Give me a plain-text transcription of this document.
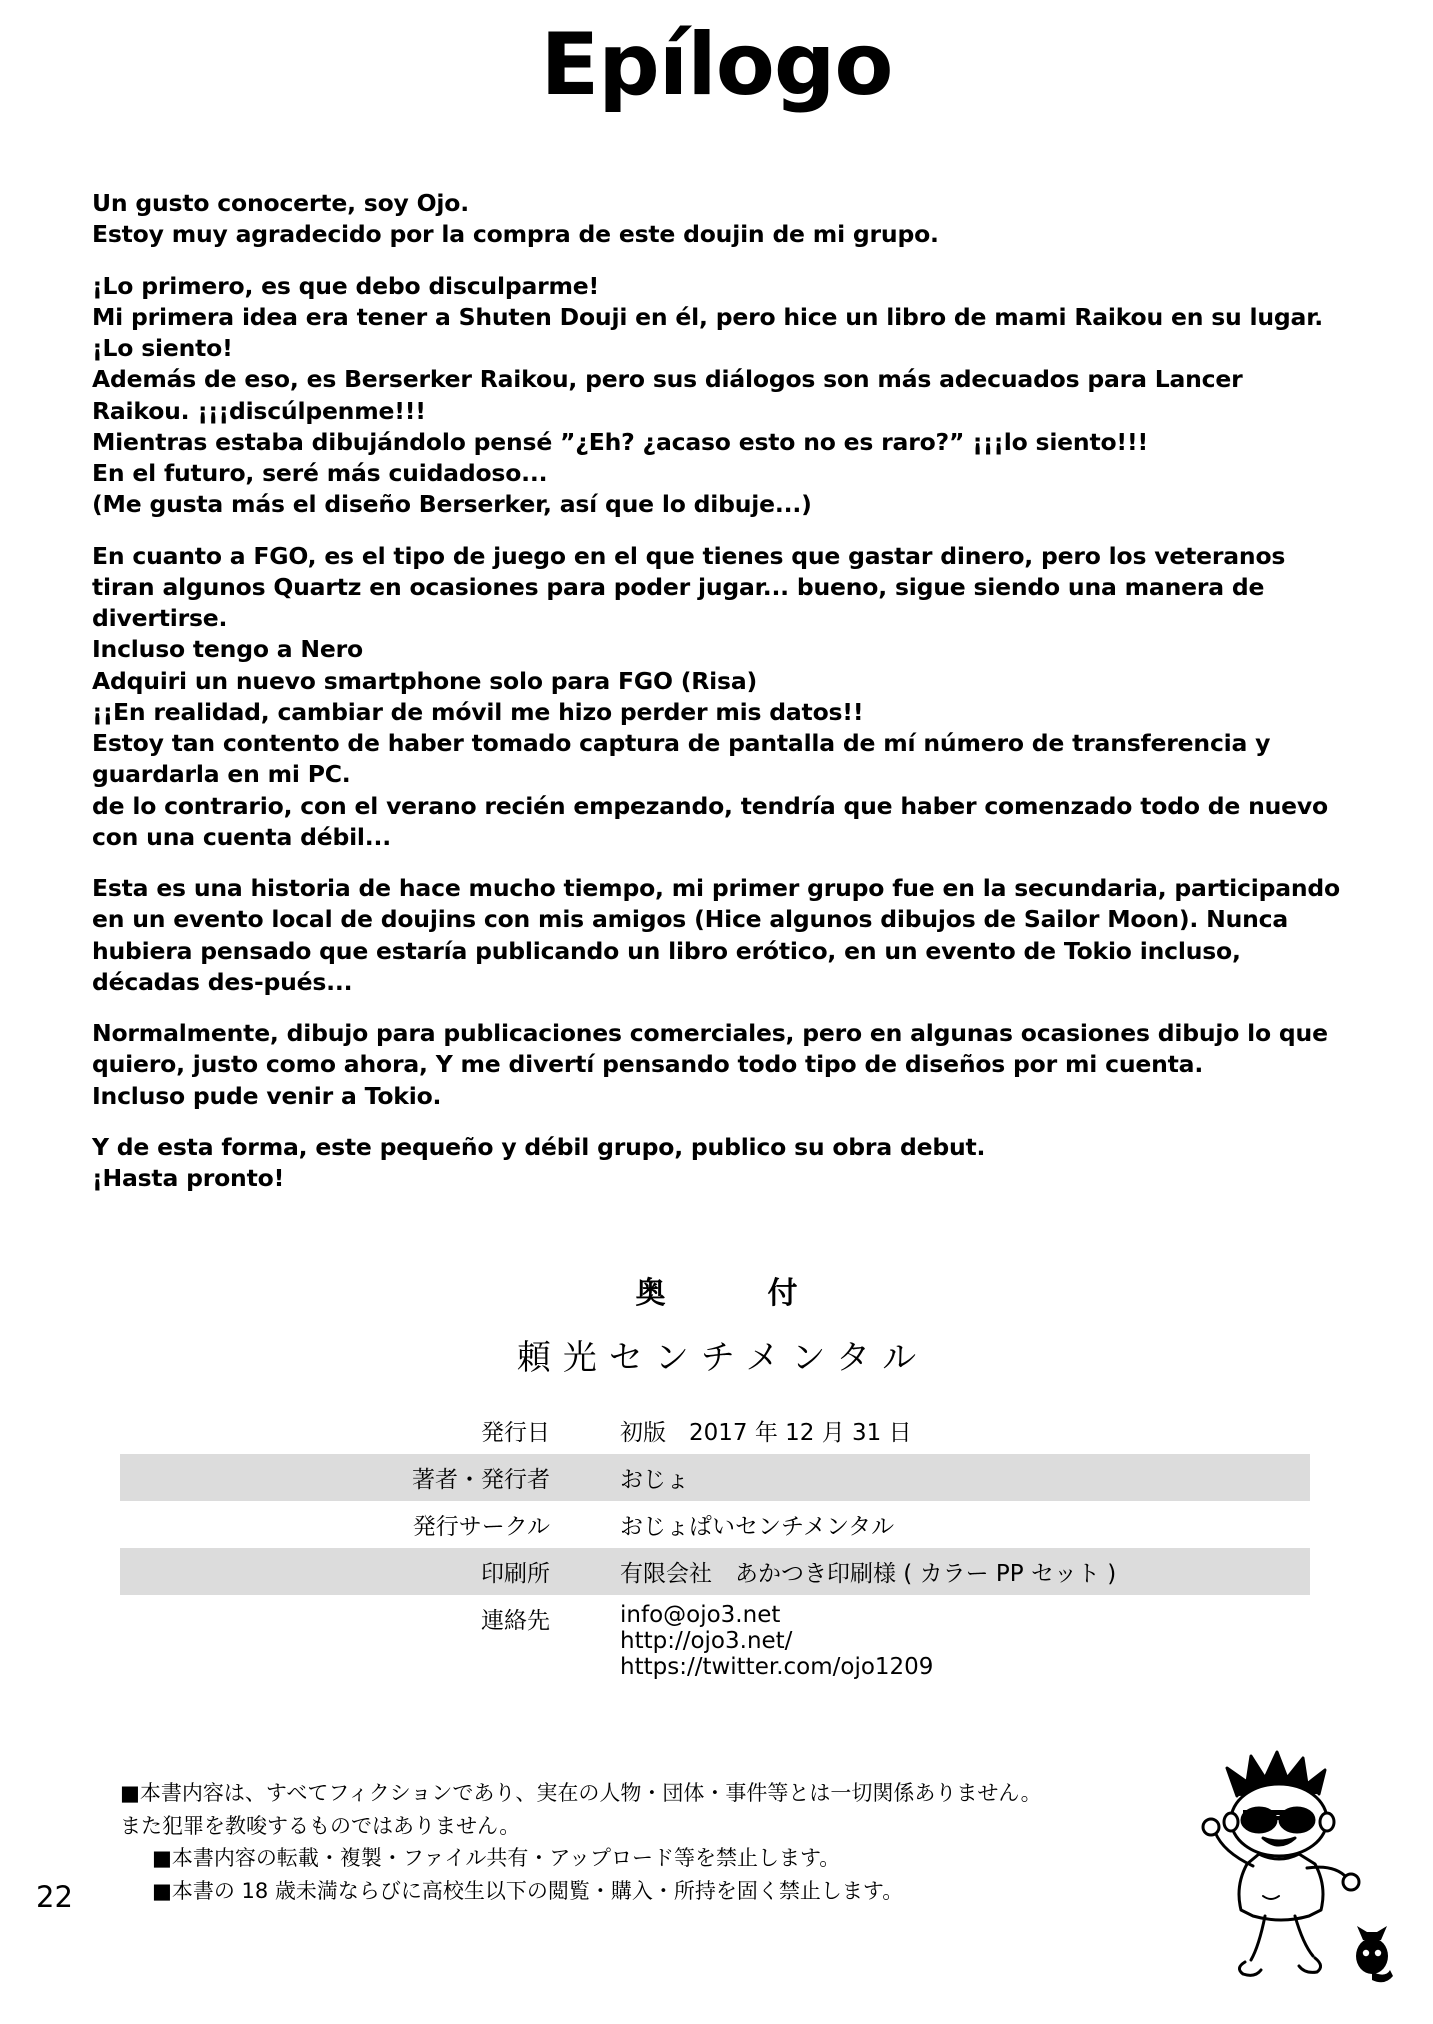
Epílogo

Un gusto conocerte, soy Ojo.
Estoy muy agradecido por la compra de este doujin de mi grupo.

¡Lo primero, es que debo disculparme!
Mi primera idea era tener a Shuten Douji en él, pero hice un libro de mami Raikou en su lugar. ¡Lo siento!
Además de eso, es Berserker Raikou, pero sus diálogos son más adecuados para Lancer Raikou. ¡¡¡discúlpenme!!!
Mientras estaba dibujándolo pensé ”¿Eh? ¿acaso esto no es raro?” ¡¡¡lo siento!!!
En el futuro, seré más cuidadoso...
(Me gusta más el diseño Berserker, así que lo dibuje...)

En cuanto a FGO, es el tipo de juego en el que tienes que gastar dinero, pero los veteranos tiran algunos Quartz en ocasiones para poder jugar... bueno, sigue siendo una manera de divertirse.
Incluso tengo a Nero
Adquiri un nuevo smartphone solo para FGO (Risa)
¡¡En realidad, cambiar de móvil me hizo perder mis datos!!
Estoy tan contento de haber tomado captura de pantalla de mí número de transferencia y guardarla en mi PC.
de lo contrario, con el verano recién empezando, tendría que haber comenzado todo de nuevo con una cuenta débil...

Esta es una historia de hace mucho tiempo, mi primer grupo fue en la secundaria, participando en un evento local de doujins con mis amigos (Hice algunos dibujos de Sailor Moon). Nunca hubiera pensado que estaría publicando un libro erótico, en un evento de Tokio incluso, décadas des-pués...

Normalmente, dibujo para publicaciones comerciales, pero en algunas ocasiones dibujo lo que quiero, justo como ahora, Y me divertí pensando todo tipo de diseños por mi cuenta.
Incluso pude venir a Tokio.

Y de esta forma, este pequeño y débil grupo, publico su obra debut.
¡Hasta pronto!

奥　付
頼光センチメンタル
発行日	初版　2017 年 12 月 31 日
著者・発行者	おじょ
発行サークル	おじょぱいセンチメンタル
印刷所	有限会社　あかつき印刷様 ( カラー PP セット )
連絡先	info@ojo3.net
http://ojo3.net/
https://twitter.com/ojo1209
■本書内容は、すべてフィクションであり、実在の人物・団体・事件等とは一切関係ありません。
また犯罪を教唆するものではありません。
■本書内容の転載・複製・ファイル共有・アップロード等を禁止します。
■本書の 18 歳未満ならびに高校生以下の閲覧・購入・所持を固く禁止します。
22
